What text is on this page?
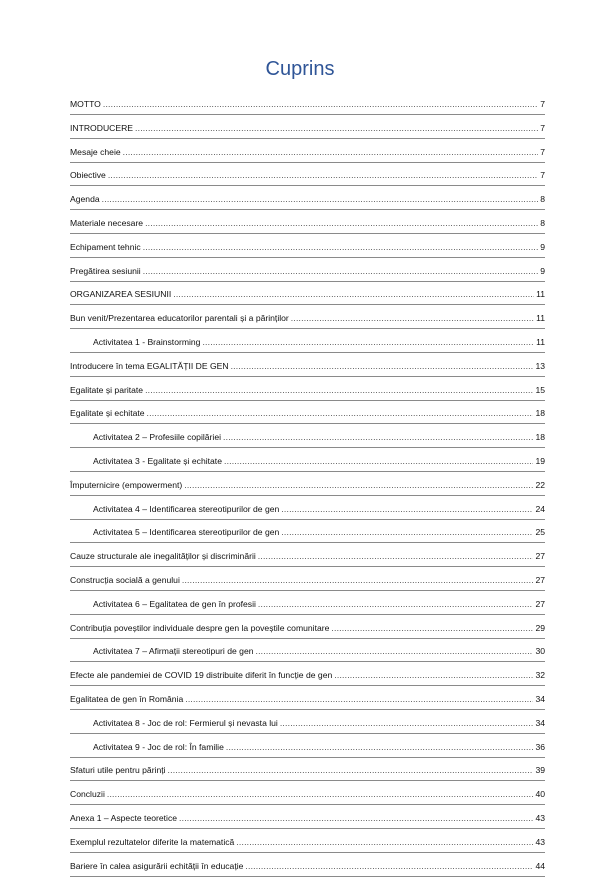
Cuprins
MOTTO .....	7
INTRODUCERE .....	7
Mesaje cheie .....	7
Obiective .....	7
Agenda .....	8
Materiale necesare .....	8
Echipament tehnic .....	9
Pregătirea sesiunii .....	9
ORGANIZAREA SESIUNII .....	11
Bun venit/Prezentarea educatorilor parentali și a părinților .....	11
Activitatea 1 - Brainstorming .....	11
Introducere în tema EGALITĂȚII DE GEN .....	13
Egalitate și paritate .....	15
Egalitate și echitate .....	18
Activitatea 2 – Profesiile copilăriei .....	18
Activitatea 3 - Egalitate și echitate .....	19
Împuternicire (empowerment) .....	22
Activitatea 4 – Identificarea stereotipurilor de gen .....	24
Activitatea 5 – Identificarea stereotipurilor de gen .....	25
Cauze structurale ale inegalităților și discriminării .....	27
Construcția socială a genului .....	27
Activitatea 6 – Egalitatea de gen în profesii .....	27
Contribuția poveștilor individuale despre gen la poveștile comunitare .....	29
Activitatea 7 – Afirmații stereotipuri de gen .....	30
Efecte ale pandemiei de COVID 19 distribuite diferit în funcție de gen .....	32
Egalitatea de gen în România .....	34
Activitatea 8 - Joc de rol: Fermierul și nevasta lui .....	34
Activitatea 9 - Joc de rol: În familie .....	36
Sfaturi utile pentru părinți .....	39
Concluzii .....	40
Anexa 1 – Aspecte teoretice .....	43
Exemplul rezultatelor diferite la matematică .....	43
Bariere în calea asigurării echității în educație .....	44
